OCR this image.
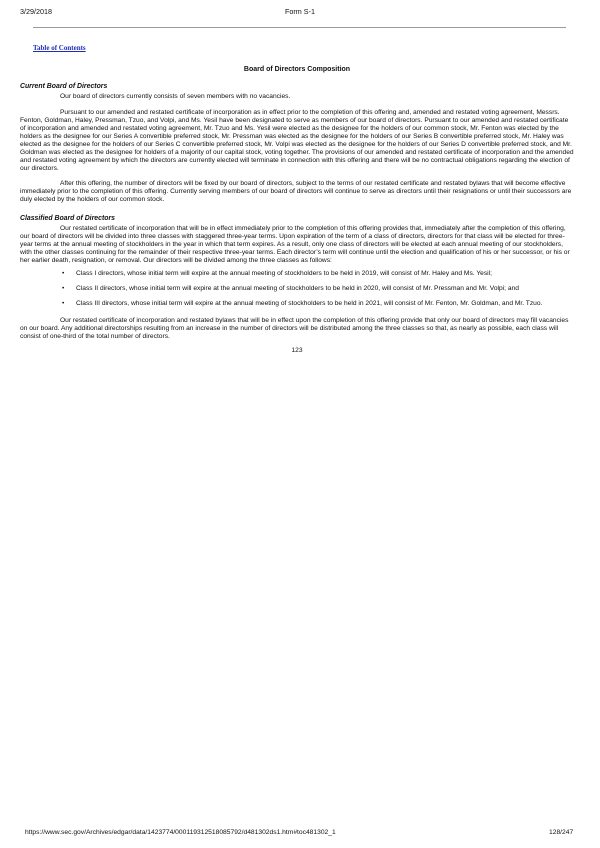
3/29/2018	Form S-1
Table of Contents
Board of Directors Composition
Current Board of Directors

Our board of directors currently consists of seven members with no vacancies.

Pursuant to our amended and restated certificate of incorporation as in effect prior to the completion of this offering and, amended and restated voting agreement, Messrs. Fenton, Goldman, Haley, Pressman, Tzuo, and Volpi, and Ms. Yesil have been designated to serve as members of our board of directors. Pursuant to our amended and restated certificate of incorporation and amended and restated voting agreement, Mr. Tzuo and Ms. Yesil were elected as the designee for the holders of our common stock, Mr. Fenton was elected by the holders as the designee for our Series A convertible preferred stock, Mr. Pressman was elected as the designee for the holders of our Series B convertible preferred stock, Mr. Haley was elected as the designee for the holders of our Series C convertible preferred stock, Mr. Volpi was elected as the designee for the holders of our Series D convertible preferred stock, and Mr. Goldman was elected as the designee for holders of a majority of our capital stock, voting together. The provisions of our amended and restated certificate of incorporation and the amended and restated voting agreement by which the directors are currently elected will terminate in connection with this offering and there will be no contractual obligations regarding the election of our directors.

After this offering, the number of directors will be fixed by our board of directors, subject to the terms of our restated certificate and restated bylaws that will become effective immediately prior to the completion of this offering. Currently serving members of our board of directors will continue to serve as directors until their resignations or until their successors are duly elected by the holders of our common stock.

Classified Board of Directors

Our restated certificate of incorporation that will be in effect immediately prior to the completion of this offering provides that, immediately after the completion of this offering, our board of directors will be divided into three classes with staggered three-year terms. Upon expiration of the term of a class of directors, directors for that class will be elected for three-year terms at the annual meeting of stockholders in the year in which that term expires. As a result, only one class of directors will be elected at each annual meeting of our stockholders, with the other classes continuing for the remainder of their respective three-year terms. Each director’s term will continue until the election and qualification of his or her successor, or his or her earlier death, resignation, or removal. Our directors will be divided among the three classes as follows:

• Class I directors, whose initial term will expire at the annual meeting of stockholders to be held in 2019, will consist of Mr. Haley and Ms. Yesil;
• Class II directors, whose initial term will expire at the annual meeting of stockholders to be held in 2020, will consist of Mr. Pressman and Mr. Volpi; and
• Class III directors, whose initial term will expire at the annual meeting of stockholders to be held in 2021, will consist of Mr. Fenton, Mr. Goldman, and Mr. Tzuo.

Our restated certificate of incorporation and restated bylaws that will be in effect upon the completion of this offering provide that only our board of directors may fill vacancies on our board. Any additional directorships resulting from an increase in the number of directors will be distributed among the three classes so that, as nearly as possible, each class will consist of one-third of the total number of directors.

123
https://www.sec.gov/Archives/edgar/data/1423774/000119312518085792/d481302ds1.htm#toc481302_1	128/247
